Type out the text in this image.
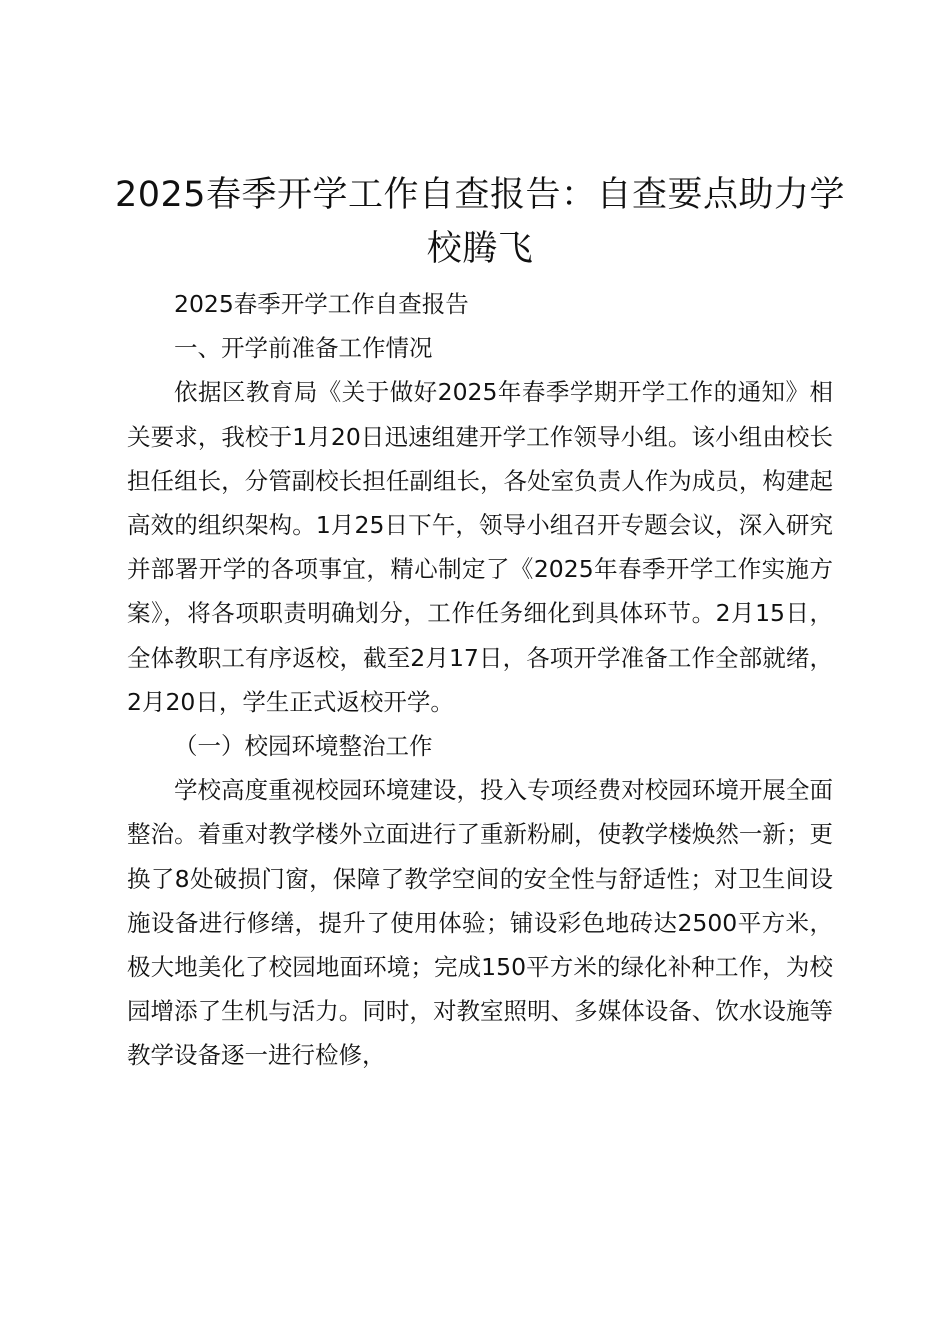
2025春季开学工作自查报告：自查要点助力学校腾飞

2025春季开学工作自查报告

一、开学前准备工作情况

依据区教育局《关于做好2025年春季学期开学工作的通知》相关要求，我校于1月20日迅速组建开学工作领导小组。该小组由校长担任组长，分管副校长担任副组长，各处室负责人作为成员，构建起高效的组织架构。1月25日下午，领导小组召开专题会议，深入研究并部署开学的各项事宜，精心制定了《2025年春季开学工作实施方案》，将各项职责明确划分，工作任务细化到具体环节。2月15日，全体教职工有序返校，截至2月17日，各项开学准备工作全部就绪，2月20日，学生正式返校开学。

（一）校园环境整治工作

学校高度重视校园环境建设，投入专项经费对校园环境开展全面整治。着重对教学楼外立面进行了重新粉刷，使教学楼焕然一新；更换了8处破损门窗，保障了教学空间的安全性与舒适性；对卫生间设施设备进行修缮，提升了使用体验；铺设彩色地砖达2500平方米，极大地美化了校园地面环境；完成150平方米的绿化补种工作，为校园增添了生机与活力。同时，对教室照明、多媒体设备、饮水设施等教学设备逐一进行检修，
